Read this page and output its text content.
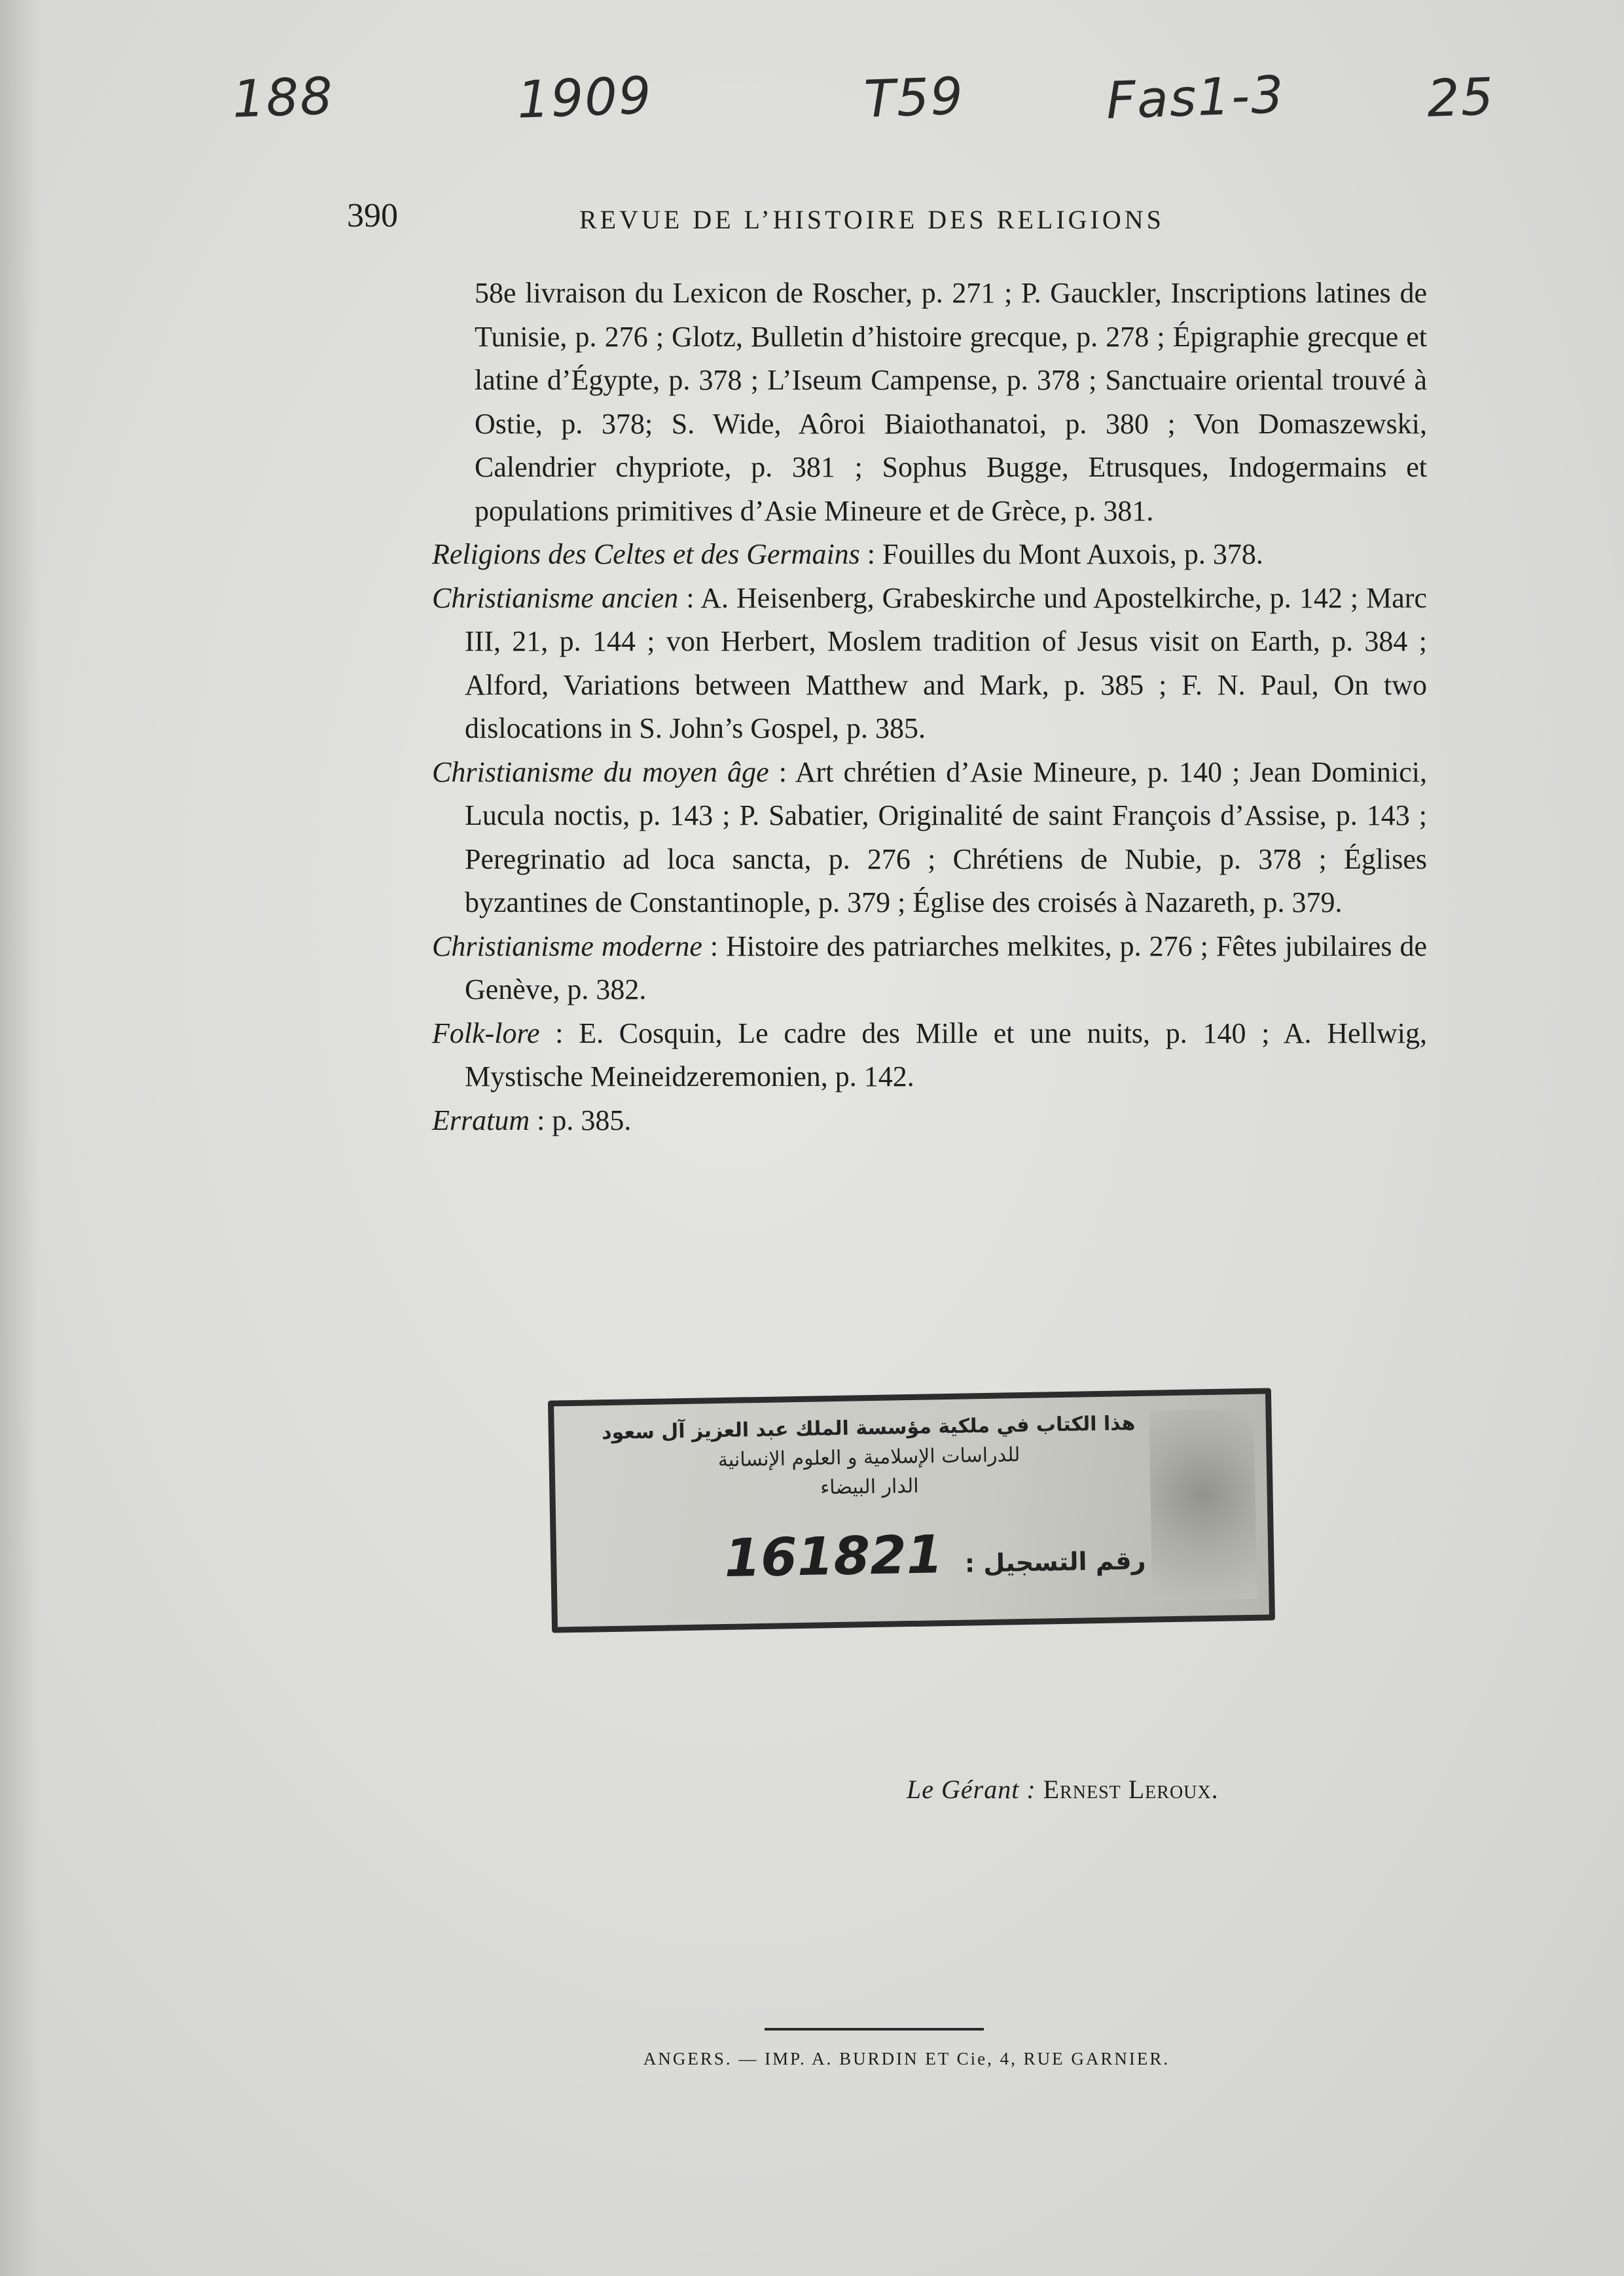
188	1909	T59	Fas1-3	25
390	REVUE DE L’HISTOIRE DES RELIGIONS

58e livraison du Lexicon de Roscher, p. 271 ; P. Gauckler, Inscriptions latines de Tunisie, p. 276 ; Glotz, Bulletin d’histoire grecque, p. 278 ; Épigraphie grecque et latine d’Égypte, p. 378 ; L’Iseum Campense, p. 378 ; Sanctuaire oriental trouvé à Ostie, p. 378; S. Wide, Aôroi Biaiothanatoi, p. 380 ; Von Domaszewski, Calendrier chypriote, p. 381 ; Sophus Bugge, Etrusques, Indogermains et populations primitives d’Asie Mineure et de Grèce, p. 381.

Religions des Celtes et des Germains : Fouilles du Mont Auxois, p. 378.

Christianisme ancien : A. Heisenberg, Grabeskirche und Apostelkirche, p. 142 ; Marc III, 21, p. 144 ; von Herbert, Moslem tradition of Jesus visit on Earth, p. 384 ; Alford, Variations between Matthew and Mark, p. 385 ; F. N. Paul, On two dislocations in S. John’s Gospel, p. 385.

Christianisme du moyen âge : Art chrétien d’Asie Mineure, p. 140 ; Jean Dominici, Lucula noctis, p. 143 ; P. Sabatier, Originalité de saint François d’Assise, p. 143 ; Peregrinatio ad loca sancta, p. 276 ; Chrétiens de Nubie, p. 378 ; Églises byzantines de Constantinople, p. 379 ; Église des croisés à Nazareth, p. 379.

Christianisme moderne : Histoire des patriarches melkites, p. 276 ; Fêtes jubilaires de Genève, p. 382.

Folk-lore : E. Cosquin, Le cadre des Mille et une nuits, p. 140 ; A. Hellwig, Mystische Meineidzeremonien, p. 142.

Erratum : p. 385.

هذا الكتاب في ملكية مؤسسة الملك عبد العزيز آل سعود
للدراسات الإسلامية و العلوم الإنسانية
الدار البيضاء
رقم التسجيل : 161821
Le Gérant : Ernest Leroux.
ANGERS. — IMP. A. BURDIN ET Cie, 4, RUE GARNIER.
